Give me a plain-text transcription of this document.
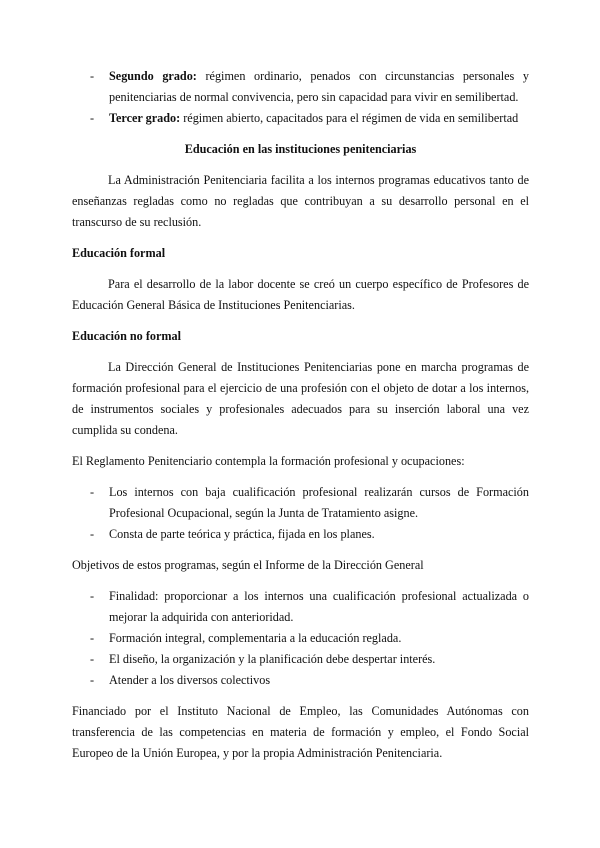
- Segundo grado: régimen ordinario, penados con circunstancias personales y penitenciarias de normal convivencia, pero sin capacidad para vivir en semilibertad.
- Tercer grado: régimen abierto, capacitados para el régimen de vida en semilibertad

Educación en las instituciones penitenciarias

La Administración Penitenciaria facilita a los internos programas educativos tanto de enseñanzas regladas como no regladas que contribuyan a su desarrollo personal en el transcurso de su reclusión.

Educación formal

Para el desarrollo de la labor docente se creó un cuerpo específico de Profesores de Educación General Básica de Instituciones Penitenciarias.

Educación no formal

La Dirección General de Instituciones Penitenciarias pone en marcha programas de formación profesional para el ejercicio de una profesión con el objeto de dotar a los internos, de instrumentos sociales y profesionales adecuados para su inserción laboral una vez cumplida su condena.

El Reglamento Penitenciario contempla la formación profesional y ocupaciones:

- Los internos con baja cualificación profesional realizarán cursos de Formación Profesional Ocupacional, según la Junta de Tratamiento asigne.
- Consta de parte teórica y práctica, fijada en los planes.

Objetivos de estos programas, según el Informe de la Dirección General

- Finalidad: proporcionar a los internos una cualificación profesional actualizada o mejorar la adquirida con anterioridad.
- Formación integral, complementaria a la educación reglada.
- El diseño, la organización y la planificación debe despertar interés.
- Atender a los diversos colectivos

Financiado por el Instituto Nacional de Empleo, las Comunidades Autónomas con transferencia de las competencias en materia de formación y empleo, el Fondo Social Europeo de la Unión Europea, y por la propia Administración Penitenciaria.
